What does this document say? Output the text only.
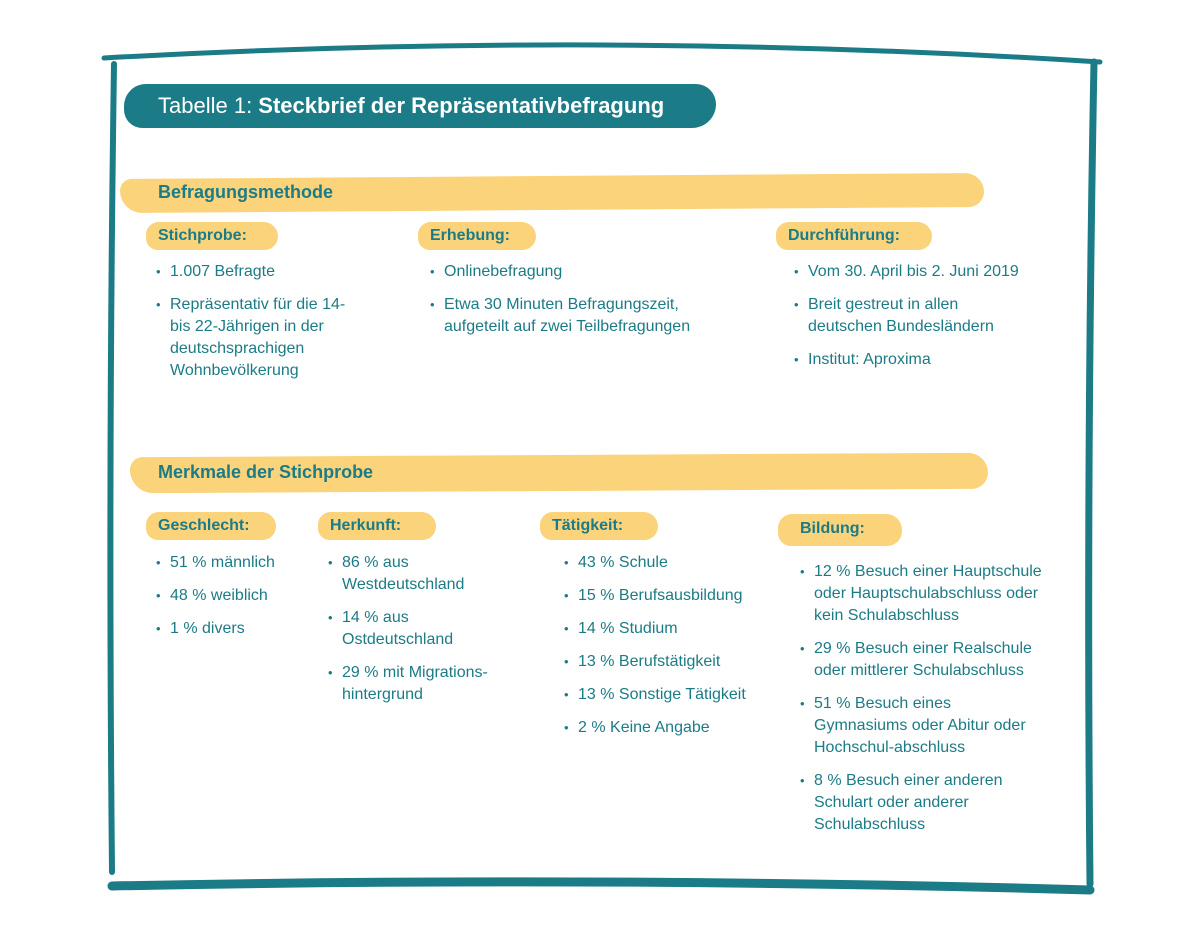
Tabelle 1: Steckbrief der Repräsentativbefragung
Befragungsmethode
Stichprobe:
• 1.007 Befragte
• Repräsentativ für die 14- bis 22-Jährigen in der deutschsprachigen Wohnbevölkerung
Erhebung:
• Onlinebefragung
• Etwa 30 Minuten Befragungszeit, aufgeteilt auf zwei Teilbefragungen
Durchführung:
• Vom 30. April bis 2. Juni 2019
• Breit gestreut in allen deutschen Bundesländern
• Institut: Aproxima
Merkmale der Stichprobe
Geschlecht:
• 51 % männlich
• 48 % weiblich
• 1 % divers
Herkunft:
• 86 % aus Westdeutschland
• 14 % aus Ostdeutschland
• 29 % mit Migrations-hintergrund
Tätigkeit:
• 43 % Schule
• 15 % Berufsausbildung
• 14 % Studium
• 13 % Berufstätigkeit
• 13 % Sonstige Tätigkeit
• 2 % Keine Angabe
Bildung:
• 12 % Besuch einer Hauptschule oder Hauptschulabschluss oder kein Schulabschluss
• 29 % Besuch einer Realschule oder mittlerer Schulabschluss
• 51 % Besuch eines Gymnasiums oder Abitur oder Hochschul-abschluss
• 8 % Besuch einer anderen Schulart oder anderer Schulabschluss
